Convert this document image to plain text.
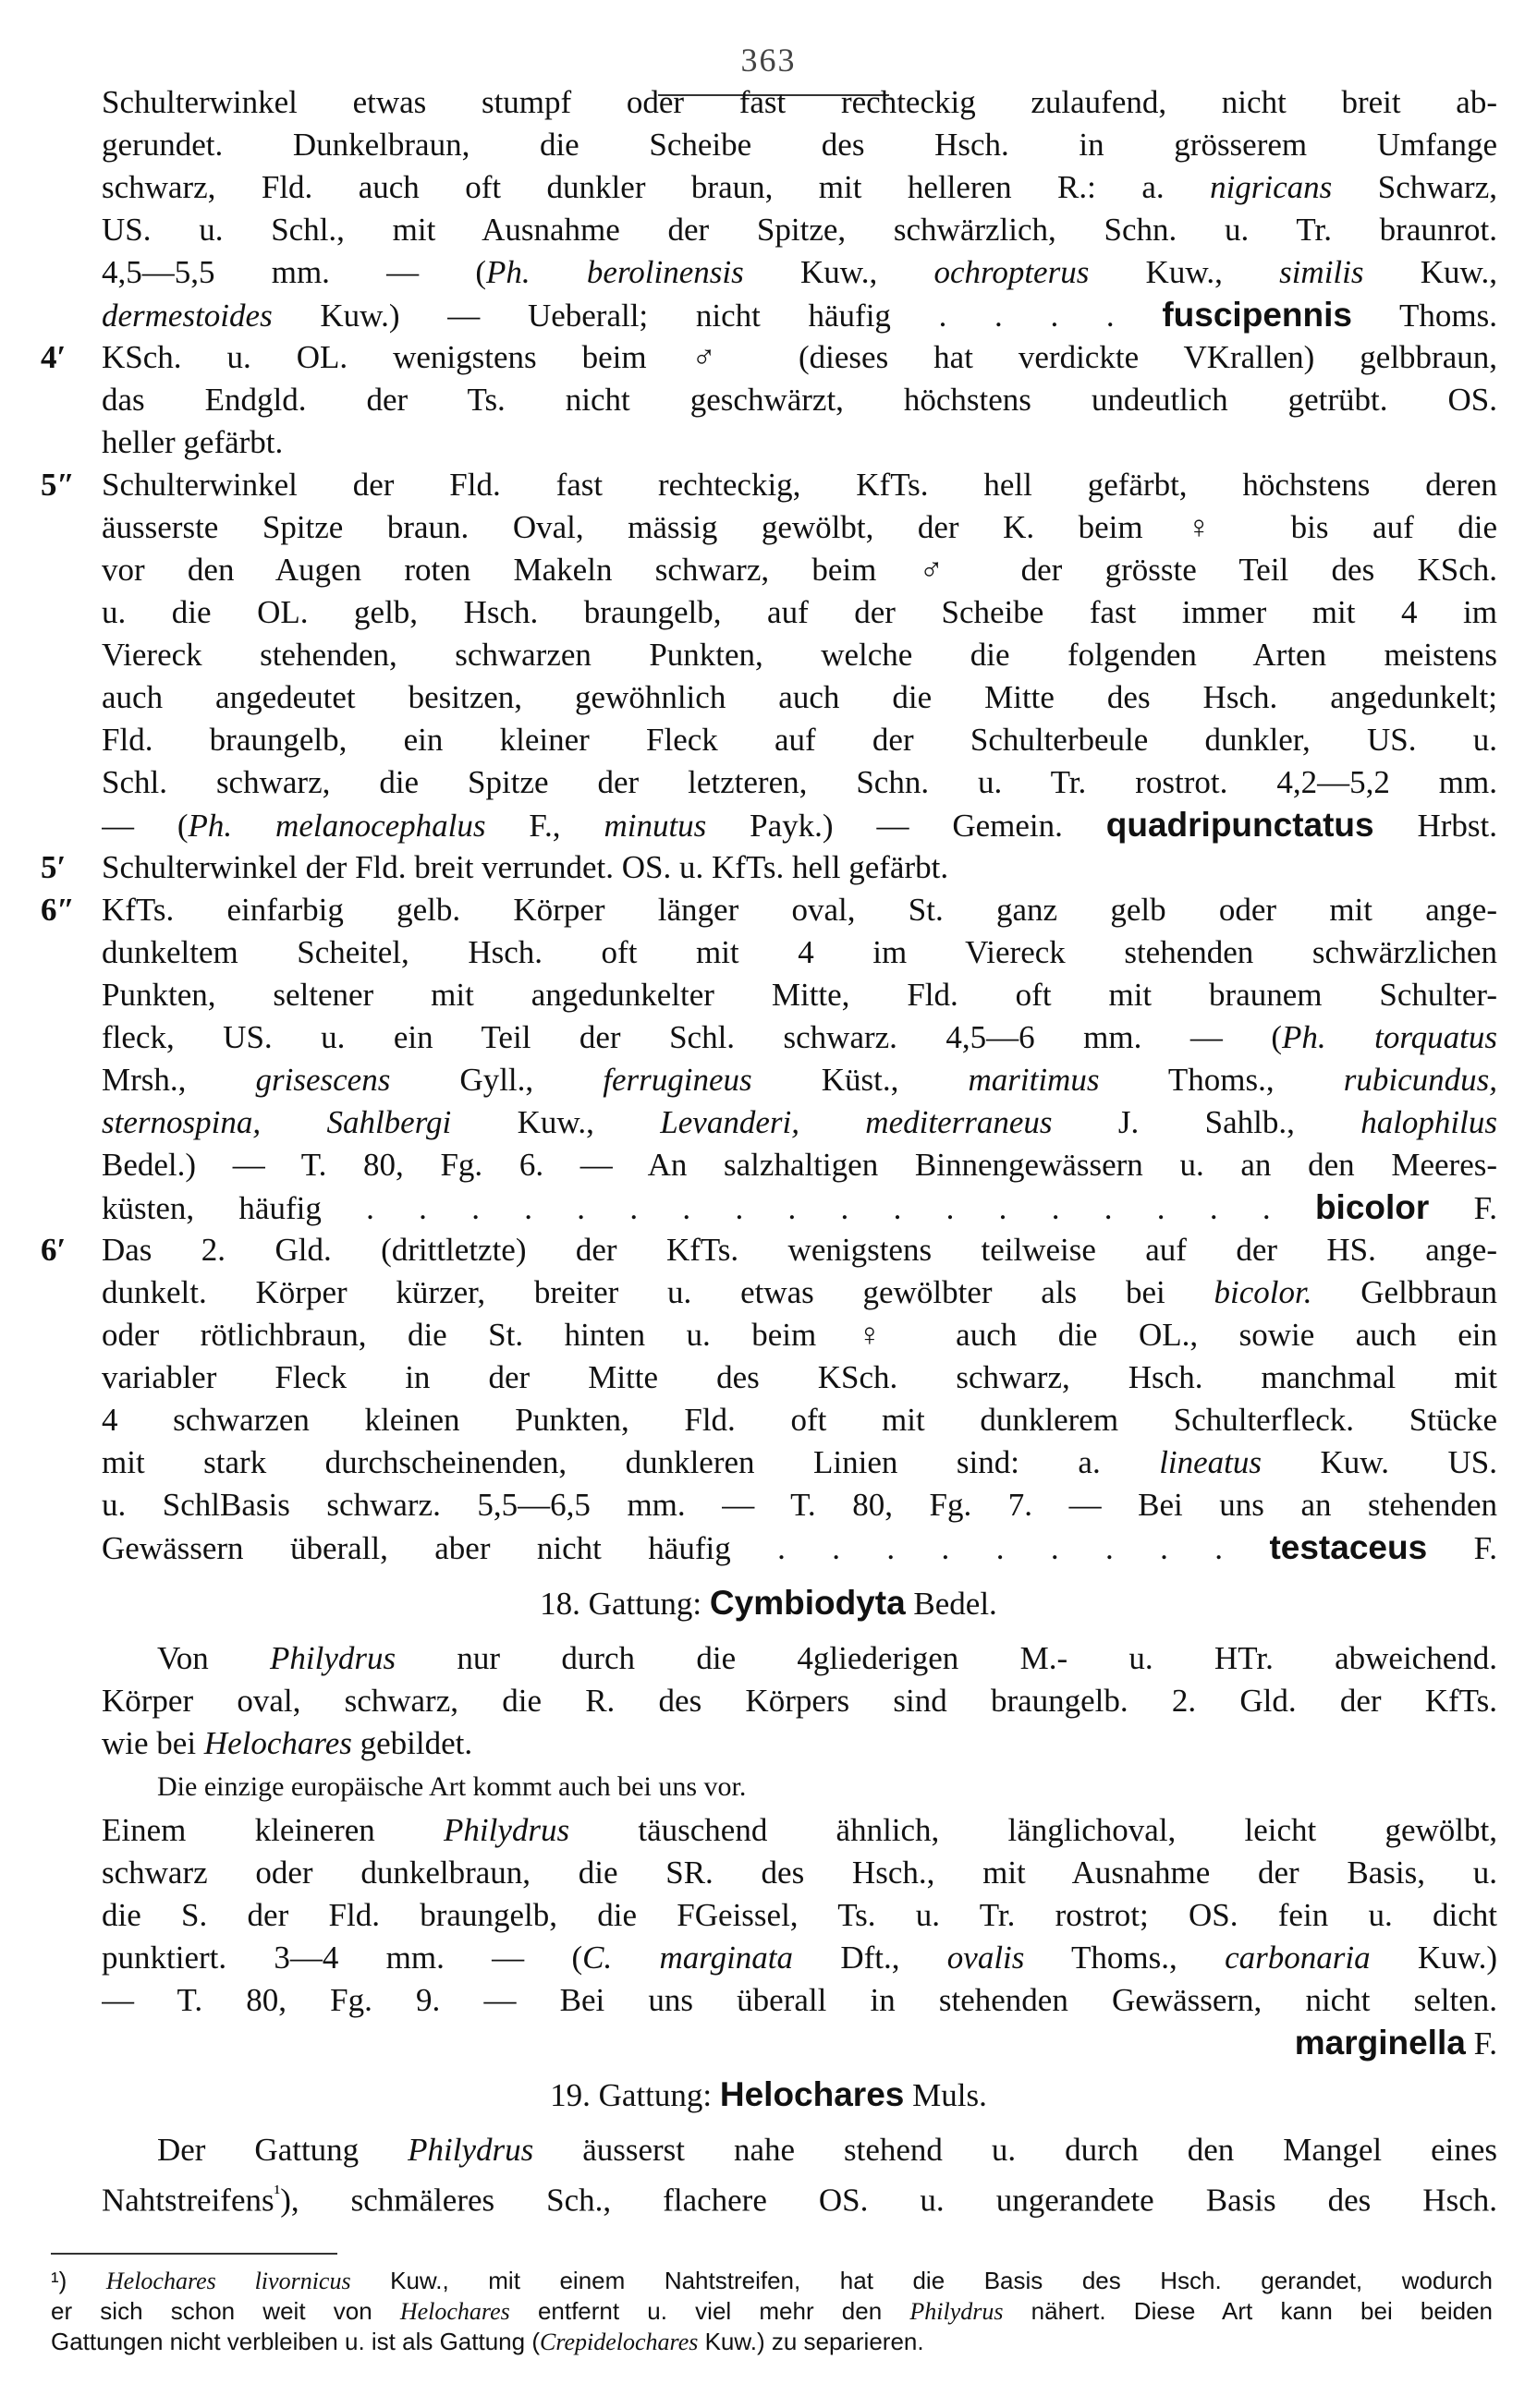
363
Schulterwinkel etwas stumpf oder fast rechteckig zulaufend, nicht breit ab-
gerundet. Dunkelbraun, die Scheibe des Hsch. in grösserem Umfange
schwarz, Fld. auch oft dunkler braun, mit helleren R.: a. nigricans Schwarz,
US. u. Schl., mit Ausnahme der Spitze, schwärzlich, Schn. u. Tr. braunrot.
4,5—5,5 mm. — (Ph. berolinensis Kuw., ochropterus Kuw., similis Kuw.,
dermestoides Kuw.) — Ueberall; nicht häufig . . . . fuscipennis Thoms.
4′	KSch. u. OL. wenigstens beim ♂ (dieses hat verdickte VKrallen) gelbbraun,
das Endgld. der Ts. nicht geschwärzt, höchstens undeutlich getrübt. OS.
heller gefärbt.
5″ Schulterwinkel der Fld. fast rechteckig, KfTs. hell gefärbt, höchstens deren
äusserste Spitze braun. Oval, mässig gewölbt, der K. beim ♀ bis auf die
vor den Augen roten Makeln schwarz, beim ♂ der grösste Teil des KSch.
u. die OL. gelb, Hsch. braungelb, auf der Scheibe fast immer mit 4 im
Viereck stehenden, schwarzen Punkten, welche die folgenden Arten meistens
auch angedeutet besitzen, gewöhnlich auch die Mitte des Hsch. angedunkelt;
Fld. braungelb, ein kleiner Fleck auf der Schulterbeule dunkler, US. u.
Schl. schwarz, die Spitze der letzteren, Schn. u. Tr. rostrot. 4,2—5,2 mm.
— (Ph. melanocephalus F., minutus Payk.) — Gemein. quadripunctatus Hrbst.
5′	Schulterwinkel der Fld. breit verrundet. OS. u. KfTs. hell gefärbt.
6″ KfTs. einfarbig gelb. Körper länger oval, St. ganz gelb oder mit ange-
dunkeltem Scheitel, Hsch. oft mit 4 im Viereck stehenden schwärzlichen
Punkten, seltener mit angedunkelter Mitte, Fld. oft mit braunem Schulter-
fleck, US. u. ein Teil der Schl. schwarz. 4,5—6 mm. — (Ph. torquatus
Mrsh., grisescens Gyll., ferrugineus Küst., maritimus Thoms., rubicundus,
sternospina, Sahlbergi Kuw., Levanderi, mediterraneus J. Sahlb., halophilus
Bedel.) — T. 80, Fg. 6. — An salzhaltigen Binnengewässern u. an den Meeres-
küsten, häufig . . . . . . . . . . . . . . . . . . bicolor F.
6′	Das 2. Gld. (drittletzte) der KfTs. wenigstens teilweise auf der HS. ange-
dunkelt. Körper kürzer, breiter u. etwas gewölbter als bei bicolor. Gelbbraun
oder rötlichbraun, die St. hinten u. beim ♀ auch die OL., sowie auch ein
variabler Fleck in der Mitte des KSch. schwarz, Hsch. manchmal mit
4 schwarzen kleinen Punkten, Fld. oft mit dunklerem Schulterfleck. Stücke
mit stark durchscheinenden, dunkleren Linien sind: a. lineatus Kuw. US.
u. SchlBasis schwarz. 5,5—6,5 mm. — T. 80, Fg. 7. — Bei uns an stehenden
Gewässern überall, aber nicht häufig . . . . . . . . . testaceus F.
18. Gattung: Cymbiodyta Bedel.
Von Philydrus nur durch die 4gliederigen M.- u. HTr. abweichend.
Körper oval, schwarz, die R. des Körpers sind braungelb. 2. Gld. der KfTs.
wie bei Helochares gebildet.
Die einzige europäische Art kommt auch bei uns vor.
Einem kleineren Philydrus täuschend ähnlich, länglichoval, leicht gewölbt,
schwarz oder dunkelbraun, die SR. des Hsch., mit Ausnahme der Basis, u.
die S. der Fld. braungelb, die FGeissel, Ts. u. Tr. rostrot; OS. fein u. dicht
punktiert. 3—4 mm. — (C. marginata Dft., ovalis Thoms., carbonaria Kuw.)
— T. 80, Fg. 9. — Bei uns überall in stehenden Gewässern, nicht selten.
marginella F.
19. Gattung: Helochares Muls.
Der Gattung Philydrus äusserst nahe stehend u. durch den Mangel eines
Nahtstreifens$^{^1}$), schmäleres Sch., flachere OS. u. ungerandete Basis des Hsch.
¹) Helochares livornicus Kuw., mit einem Nahtstreifen, hat die Basis des Hsch. gerandet, wodurch
er sich schon weit von Helochares entfernt u. viel mehr den Philydrus nähert. Diese Art kann bei beiden
Gattungen nicht verbleiben u. ist als Gattung (Crepidelochares Kuw.) zu separieren.
